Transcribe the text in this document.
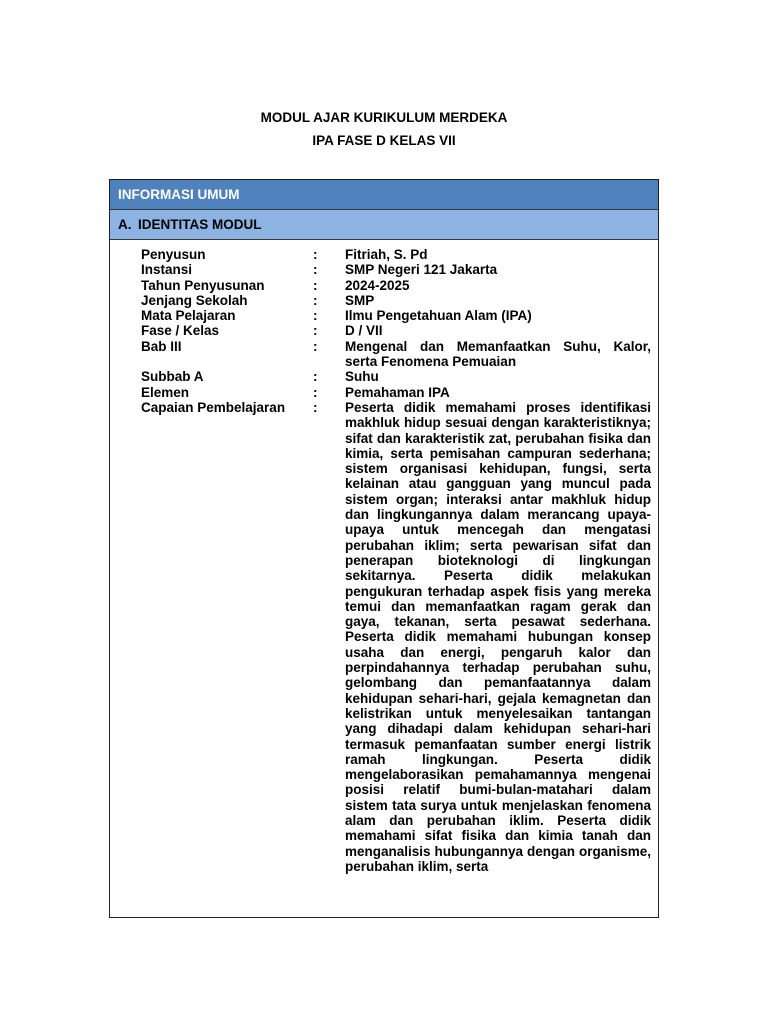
MODUL AJAR KURIKULUM MERDEKA
IPA FASE D KELAS VII
INFORMASI UMUM
A. IDENTITAS MODUL
Penyusun	: Fitriah, S. Pd
Instansi	: SMP Negeri 121 Jakarta
Tahun Penyusunan	: 2024-2025
Jenjang Sekolah	: SMP
Mata Pelajaran	: Ilmu Pengetahuan Alam (IPA)
Fase / Kelas	: D / VII
Bab III	: Mengenal dan Memanfaatkan Suhu, Kalor, serta Fenomena Pemuaian
Subbab A	: Suhu
Elemen	: Pemahaman IPA
Capaian Pembelajaran : Peserta didik memahami proses identifikasi makhluk hidup sesuai dengan karakteristiknya; sifat dan karakteristik zat, perubahan fisika dan kimia, serta pemisahan campuran sederhana; sistem organisasi kehidupan, fungsi, serta kelainan atau gangguan yang muncul pada sistem organ; interaksi antar makhluk hidup dan lingkungannya dalam merancang upaya-upaya untuk mencegah dan mengatasi perubahan iklim; serta pewarisan sifat dan penerapan bioteknologi di lingkungan sekitarnya. Peserta didik melakukan pengukuran terhadap aspek fisis yang mereka temui dan memanfaatkan ragam gerak dan gaya, tekanan, serta pesawat sederhana. Peserta didik memahami hubungan konsep usaha dan energi, pengaruh kalor dan perpindahannya terhadap perubahan suhu, gelombang dan pemanfaatannya dalam kehidupan sehari-hari, gejala kemagnetan dan kelistrikan untuk menyelesaikan tantangan yang dihadapi dalam kehidupan sehari-hari termasuk pemanfaatan sumber energi listrik ramah lingkungan. Peserta didik mengelaborasikan pemahamannya mengenai posisi relatif bumi-bulan-matahari dalam sistem tata surya untuk menjelaskan fenomena alam dan perubahan iklim. Peserta didik memahami sifat fisika dan kimia tanah dan menganalisis hubungannya dengan organisme, perubahan iklim, serta
